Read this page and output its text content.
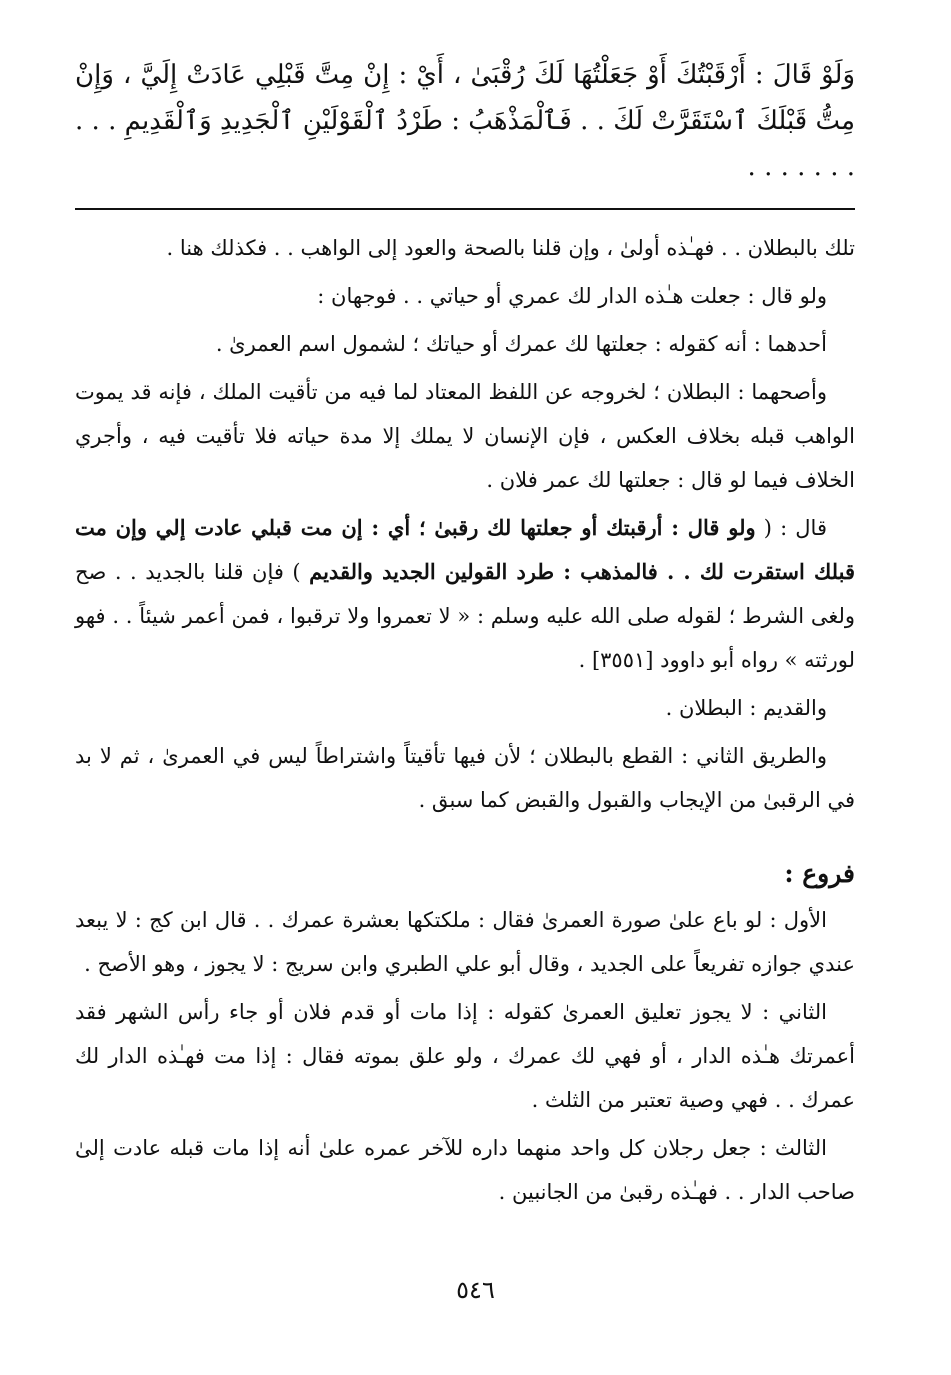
وَلَوْ قَالَ : أَرْقَبْتُكَ أَوْ جَعَلْتُهَا لَكَ رُقْبَىٰ ، أَيْ : إِنْ مِتَّ قَبْلِي عَادَتْ إِلَيَّ ، وَإِنْ مِتُّ قَبْلَكَ ٱسْتَقَرَّتْ لَكَ . . فَٱلْمَذْهَبُ : طَرْدُ ٱلْقَوْلَيْنِ ٱلْجَدِيدِ وَٱلْقَدِيمِ . . . . . . . . . .

تلك بالبطلان . . فهـٰذه أولىٰ ، وإن قلنا بالصحة والعود إلى الواهب . . فكذلك هنا .

ولو قال : جعلت هـٰذه الدار لك عمري أو حياتي . . فوجهان :

أحدهما : أنه كقوله : جعلتها لك عمرك أو حياتك ؛ لشمول اسم العمرىٰ .

وأصحهما : البطلان ؛ لخروجه عن اللفظ المعتاد لما فيه من تأقيت الملك ، فإنه قد يموت الواهب قبله بخلاف العكس ، فإن الإنسان لا يملك إلا مدة حياته فلا تأقيت فيه ، وأجري الخلاف فيما لو قال : جعلتها لك عمر فلان .

قال : ( ولو قال : أرقبتك أو جعلتها لك رقبىٰ ؛ أي : إن مت قبلي عادت إلي وإن مت قبلك استقرت لك . . فالمذهب : طرد القولين الجديد والقديم ) فإن قلنا بالجديد . . صح ولغى الشرط ؛ لقوله صلى الله عليه وسلم : « لا تعمروا ولا ترقبوا ، فمن أعمر شيئاً . . فهو لورثته » رواه أبو داوود [٣٥٥١] .

والقديم : البطلان .

والطريق الثاني : القطع بالبطلان ؛ لأن فيها تأقيتاً واشتراطاً ليس في العمرىٰ ، ثم لا بد في الرقبىٰ من الإيجاب والقبول والقبض كما سبق .

فروع :

الأول : لو باع علىٰ صورة العمرىٰ فقال : ملكتكها بعشرة عمرك . . قال ابن كج : لا يبعد عندي جوازه تفريعاً على الجديد ، وقال أبو علي الطبري وابن سريج : لا يجوز ، وهو الأصح .

الثاني : لا يجوز تعليق العمرىٰ كقوله : إذا مات أو قدم فلان أو جاء رأس الشهر فقد أعمرتك هـٰذه الدار ، أو فهي لك عمرك ، ولو علق بموته فقال : إذا مت فهـٰذه الدار لك عمرك . . فهي وصية تعتبر من الثلث .

الثالث : جعل رجلان كل واحد منهما داره للآخر عمره علىٰ أنه إذا مات قبله عادت إلىٰ صاحب الدار . . فهـٰذه رقبىٰ من الجانبين .

٥٤٦
